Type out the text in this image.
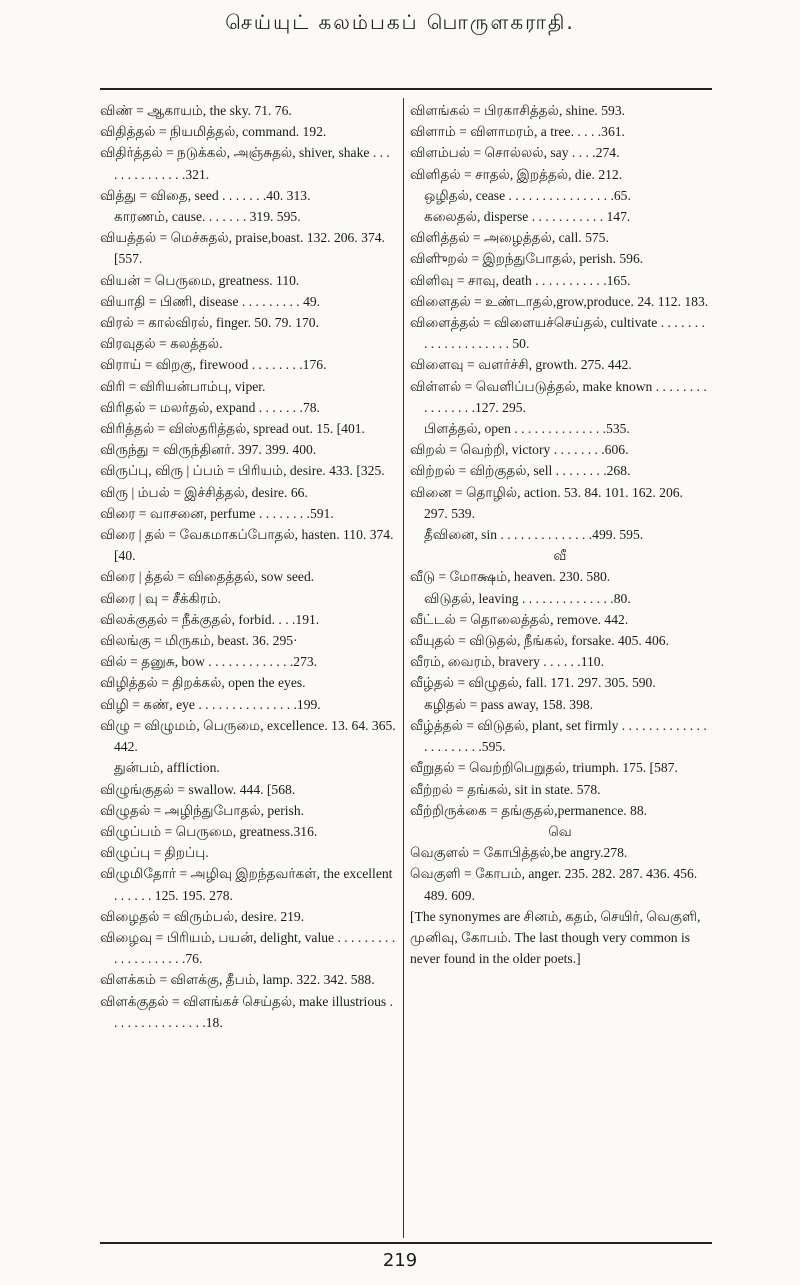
செய்யுட் கலம்பகப் பொருளகராதி.

விண் = ஆகாயம், the sky. 71. 76.

விதித்தல் = நியமித்தல், command. 192.

விதிர்த்தல் = நடுக்கல், அஞ்சுதல், shiver, shake . . . . . . . . . . . . . .321.

வித்து = விதை, seed . . . . . . .40. 313.

காரணம், cause. . . . . . . 319. 595.

வியத்தல் = மெச்சுதல், praise,boast. 132. 206. 374. [557.

வியன் = பெருமை, greatness. 110.

வியாதி = பிணி, disease . . . . . . . . . 49.

விரல் = கால்விரல், finger. 50. 79. 170.

விரவுதல் = கலத்தல்.

விராய் = விறகு, firewood . . . . . . . .176.

விரி = விரியன்பாம்பு, viper.

விரிதல் = மலர்தல், expand . . . . . . .78.

விரித்தல் = விஸ்தரித்தல், spread out. 15. [401.

விருந்து = விருந்தினர். 397. 399. 400.

விருப்பு, விரு | ப்பம் = பிரியம், desire. 433. [325.

விரு | ம்பல் = இச்சித்தல், desire. 66.

விரை = வாசனை, perfume . . . . . . . .591.

விரை | தல் = வேகமாகப்போதல், hasten. 110. 374. [40.

விரை | த்தல் = விதைத்தல், sow seed.

விரை | வு = சீக்கிரம்.

விலக்குதல் = நீக்குதல், forbid. . . .191.

விலங்கு = மிருகம், beast. 36. 295·

வில் = தனுசு, bow . . . . . . . . . . . . .273.

விழித்தல் = திறக்கல், open the eyes.

விழி = கண், eye . . . . . . . . . . . . . . .199.

விழு = விழுமம், பெருமை, excellence. 13. 64. 365. 442.

துன்பம், affliction.

விழுங்குதல் = swallow. 444. [568.

விழுதல் = அழிந்துபோதல், perish.

விழுப்பம் = பெருமை, greatness.316.

விழுப்பு = திறப்பு.

விழுமிதோர் = அழிவு இறந்தவர்கள், the excellent . . . . . . 125. 195. 278.

விழைதல் = விரும்பல், desire. 219.

விழைவு = பிரியம், பயன், delight, value . . . . . . . . . . . . . . . . . . . .76.

விளக்கம் = விளக்கு, தீபம், lamp. 322. 342. 588.

விளக்குதல் = விளங்கச் செய்தல், make illustrious . . . . . . . . . . . . . . .18.

விளங்கல் = பிரகாசித்தல், shine. 593.

விளாம் = விளாமரம், a tree. . . . .361.

விளம்பல் = சொல்லல், say . . . .274.

விளிதல் = சாதல், இறத்தல், die. 212.

ஒழிதல், cease . . . . . . . . . . . . . . . .65.

கலைதல், disperse . . . . . . . . . . . 147.

விளித்தல் = அழைத்தல், call. 575.

விளிுறல் = இறந்துபோதல், perish. 596.

விளிவு = சாவு, death . . . . . . . . . . .165.

விளைதல் = உண்டாதல்,grow,produce. 24. 112. 183.

விளைத்தல் = விளையச்செய்தல், cultivate . . . . . . . . . . . . . . . . . . . . 50.

விளைவு = வளர்ச்சி, growth. 275. 442.

விள்ளல் = வெளிப்படுத்தல், make known . . . . . . . . . . . . . . . .127. 295.

பிளத்தல், open . . . . . . . . . . . . . .535.

விறல் = வெற்றி, victory . . . . . . . .606.

விற்றல் = விற்குதல், sell . . . . . . . .268.

வினை = தொழில், action. 53. 84. 101. 162. 206. 297. 539.

தீவினை, sin . . . . . . . . . . . . . .499. 595.

வீ

வீடு = மோக்ஷம், heaven. 230. 580.

விடுதல், leaving . . . . . . . . . . . . . .80.

வீட்டல் = தொலைத்தல், remove. 442.

வீயுதல் = விடுதல், நீங்கல், forsake. 405. 406.

வீரம், வைரம், bravery . . . . . .110.

வீழ்தல் = விழுதல், fall. 171. 297. 305. 590.

கழிதல் = pass away, 158. 398.

வீழ்த்தல் = விடுதல், plant, set firmly . . . . . . . . . . . . . . . . . . . . . .595.

வீறுதல் = வெற்றிபெறுதல், triumph. 175. [587.

வீற்றல் = தங்கல், sit in state. 578.

வீற்றிருக்கை = தங்குதல்,permanence. 88.

வெ

வெகுளல் = கோபித்தல்,be angry.278.

வெகுளி = கோபம், anger. 235. 282. 287. 436. 456. 489. 609.

[The synonymes are சினம், கதம், செயிர், வெகுளி, முனிவு, கோபம். The last though very common is never found in the older poets.]

219
